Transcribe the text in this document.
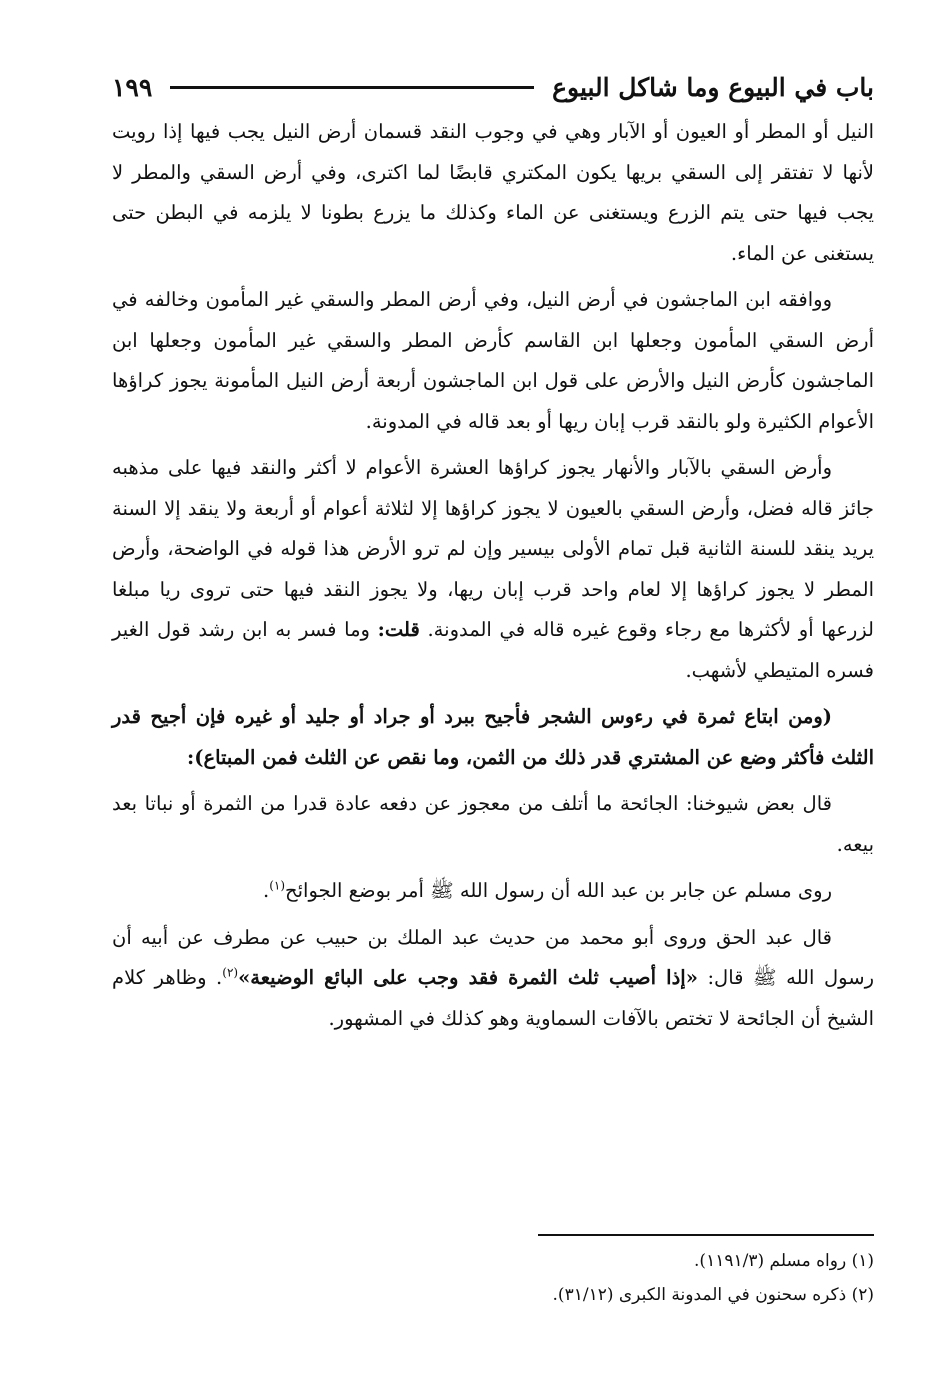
باب في البيوع وما شاكل البيوع
١٩٩

النيل أو المطر أو العيون أو الآبار وهي في وجوب النقد قسمان أرض النيل يجب فيها إذا رويت لأنها لا تفتقر إلى السقي بريها يكون المكتري قابضًا لما اكترى، وفي أرض السقي والمطر لا يجب فيها حتى يتم الزرع ويستغنى عن الماء وكذلك ما يزرع بطونا لا يلزمه في البطن حتى يستغنى عن الماء.

ووافقه ابن الماجشون في أرض النيل، وفي أرض المطر والسقي غير المأمون وخالفه في أرض السقي المأمون وجعلها ابن القاسم كأرض المطر والسقي غير المأمون وجعلها ابن الماجشون كأرض النيل والأرض على قول ابن الماجشون أربعة أرض النيل المأمونة يجوز كراؤها الأعوام الكثيرة ولو بالنقد قرب إبان ريها أو بعد قاله في المدونة.

وأرض السقي بالآبار والأنهار يجوز كراؤها العشرة الأعوام لا أكثر والنقد فيها على مذهبه جائز قاله فضل، وأرض السقي بالعيون لا يجوز كراؤها إلا لثلاثة أعوام أو أربعة ولا ينقد إلا السنة يريد ينقد للسنة الثانية قبل تمام الأولى بيسير وإن لم ترو الأرض هذا قوله في الواضحة، وأرض المطر لا يجوز كراؤها إلا لعام واحد قرب إبان ريها، ولا يجوز النقد فيها حتى تروى ريا مبلغا لزرعها أو لأكثرها مع رجاء وقوع غيره قاله في المدونة. قلت: وما فسر به ابن رشد قول الغير فسره المتيطي لأشهب.

(ومن ابتاع ثمرة في رءوس الشجر فأجيح ببرد أو جراد أو جليد أو غيره فإن أجيح قدر الثلث فأكثر وضع عن المشتري قدر ذلك من الثمن، وما نقص عن الثلث فمن المبتاع):

قال بعض شيوخنا: الجائحة ما أتلف من معجوز عن دفعه عادة قدرا من الثمرة أو نباتا بعد بيعه.

روى مسلم عن جابر بن عبد الله أن رسول الله ﷺ أمر بوضع الجوائح$^{(١)}$.

قال عبد الحق وروى أبو محمد من حديث عبد الملك بن حبيب عن مطرف عن أبيه أن رسول الله ﷺ قال: «إذا أصيب ثلث الثمرة فقد وجب على البائع الوضيعة»$^{(٢)}$. وظاهر كلام الشيخ أن الجائحة لا تختص بالآفات السماوية وهو كذلك في المشهور.

(١) رواه مسلم (١١٩١/٣).
(٢) ذكره سحنون في المدونة الكبرى (٣١/١٢).
